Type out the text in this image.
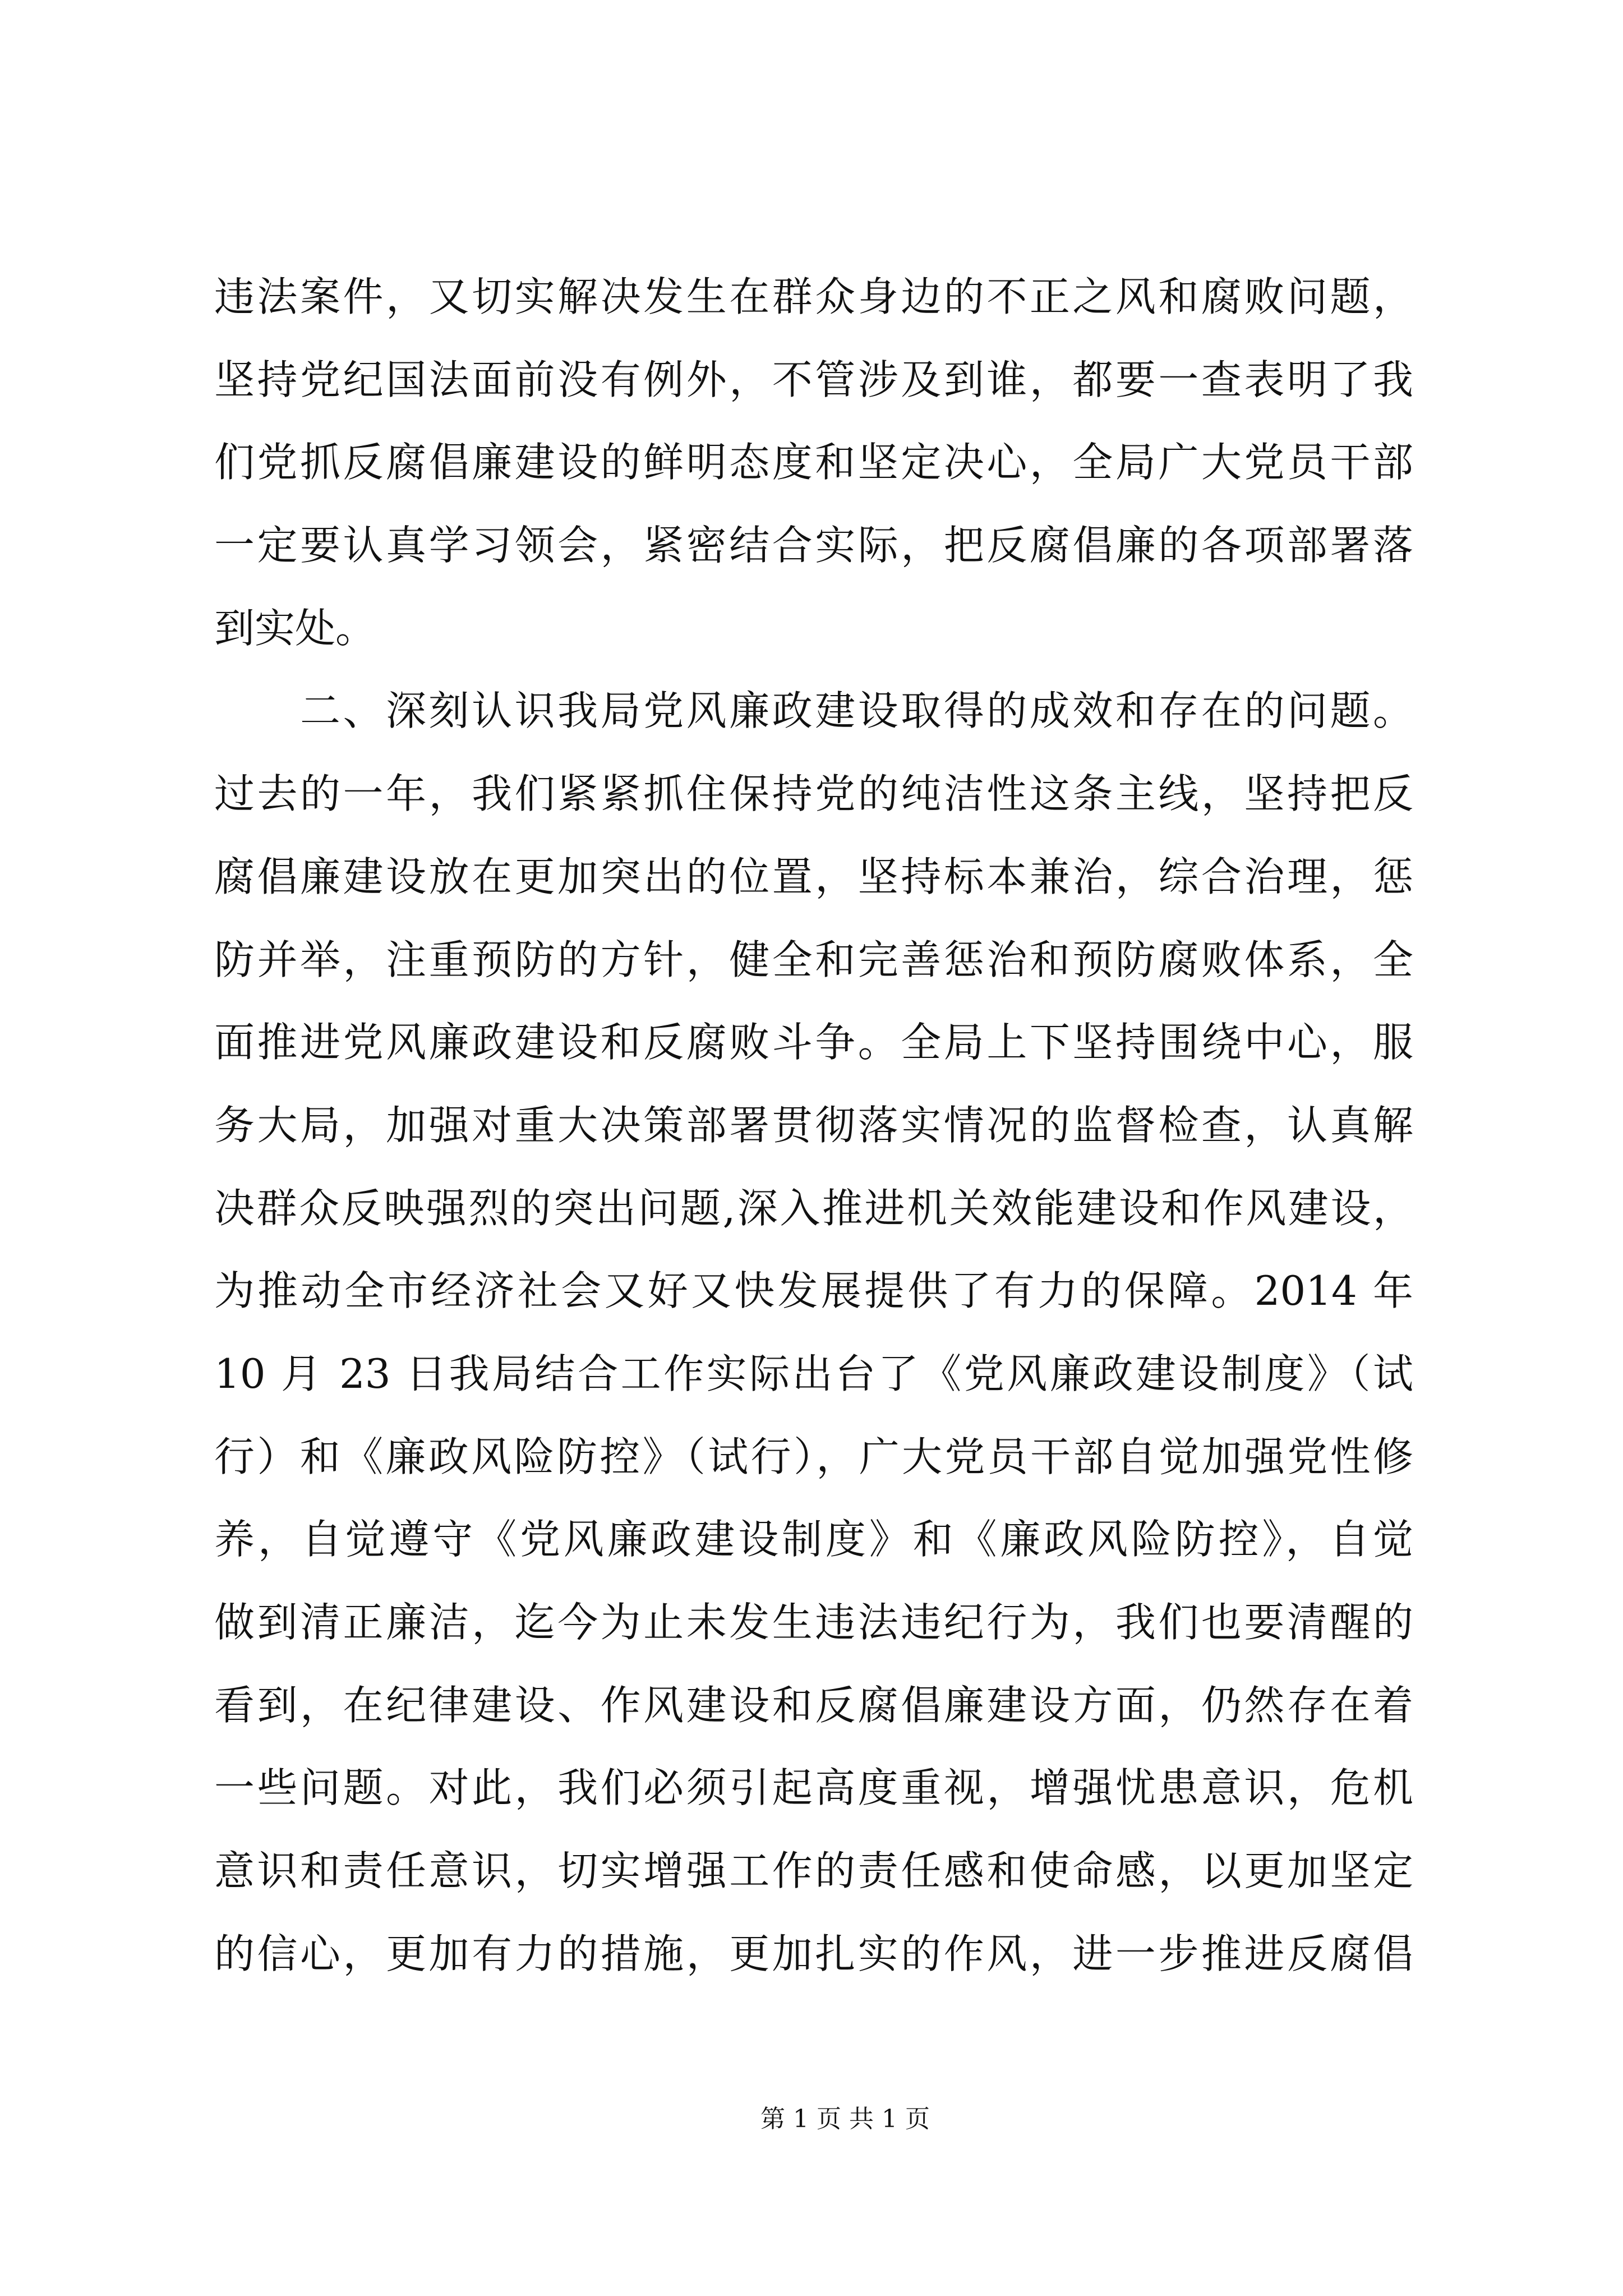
违法案件，又切实解决发生在群众身边的不正之风和腐败问题，
坚持党纪国法面前没有例外，不管涉及到谁，都要一查表明了我
们党抓反腐倡廉建设的鲜明态度和坚定决心，全局广大党员干部
一定要认真学习领会，紧密结合实际，把反腐倡廉的各项部署落
到实处。
二、深刻认识我局党风廉政建设取得的成效和存在的问题。
过去的一年，我们紧紧抓住保持党的纯洁性这条主线，坚持把反
腐倡廉建设放在更加突出的位置，坚持标本兼治，综合治理，惩
防并举，注重预防的方针，健全和完善惩治和预防腐败体系，全
面推进党风廉政建设和反腐败斗争。全局上下坚持围绕中心，服
务大局，加强对重大决策部署贯彻落实情况的监督检查，认真解
决群众反映强烈的突出问题,深入推进机关效能建设和作风建设，
为推动全市经济社会又好又快发展提供了有力的保障。2014 年
10 月 23 日我局结合工作实际出台了《党风廉政建设制度》（试
行）和《廉政风险防控》（试行），广大党员干部自觉加强党性修
养，自觉遵守《党风廉政建设制度》和《廉政风险防控》，自觉
做到清正廉洁，迄今为止未发生违法违纪行为，我们也要清醒的
看到，在纪律建设、作风建设和反腐倡廉建设方面，仍然存在着
一些问题。对此，我们必须引起高度重视，增强忧患意识，危机
意识和责任意识，切实增强工作的责任感和使命感，以更加坚定
的信心，更加有力的措施，更加扎实的作风，进一步推进反腐倡
第 1 页 共 1 页
